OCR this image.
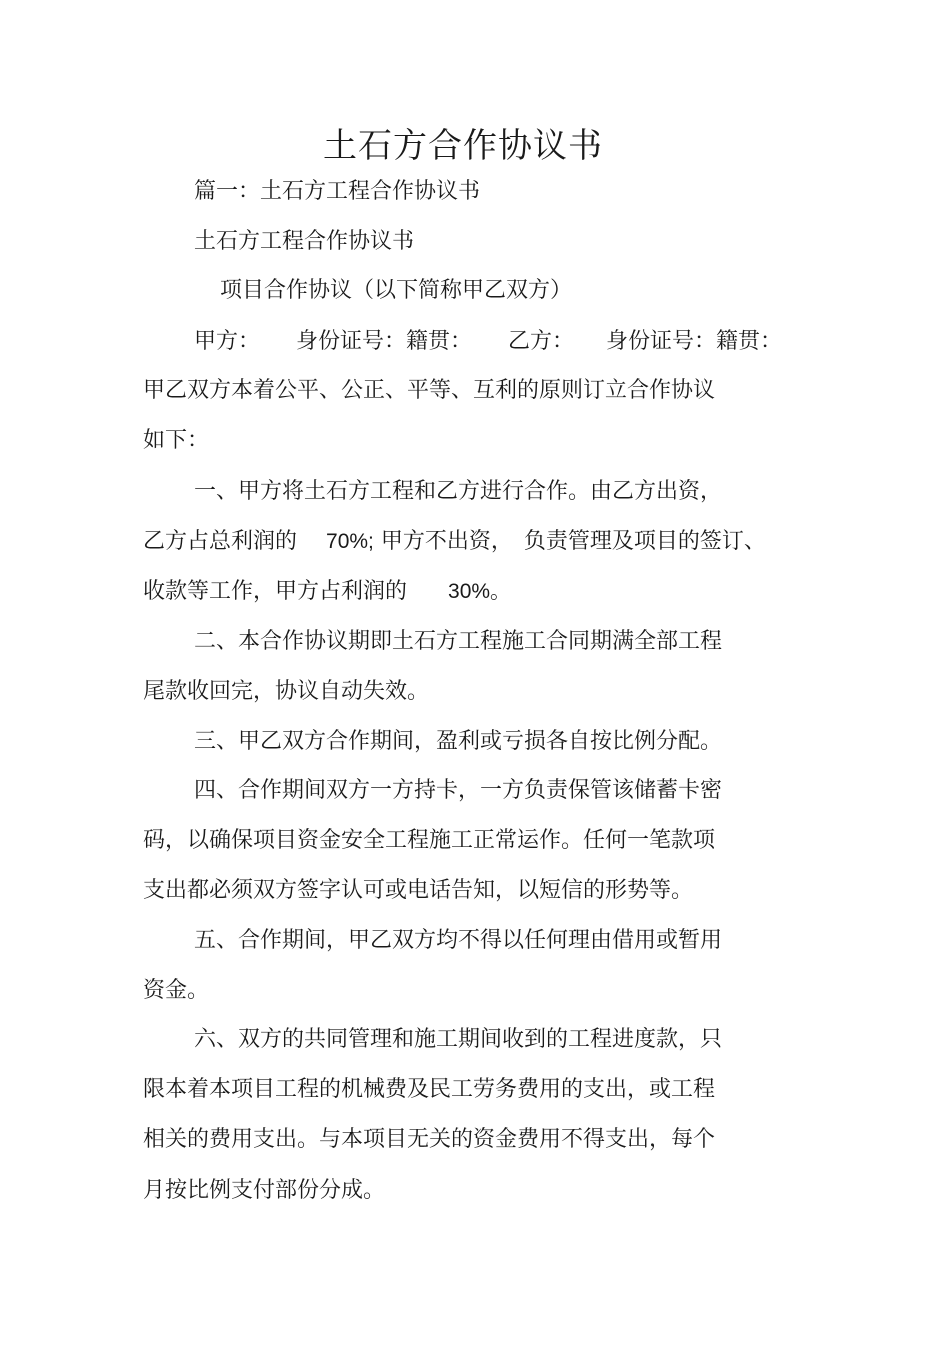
土石方合作协议书
篇一：土石方工程合作协议书
土石方工程合作协议书
项目合作协议（以下简称甲乙双方）
甲方： 身份证号：籍贯： 乙方： 身份证号：籍贯：
甲乙双方本着公平、公正、平等、互利的原则订立合作协议
如下：
一、甲方将土石方工程和乙方进行合作。由乙方出资，
乙方占总利润的 70%; 甲方不出资，　负责管理及项目的签订、
收款等工作，甲方占利润的 30%。
二、本合作协议期即土石方工程施工合同期满全部工程
尾款收回完，协议自动失效。
三、甲乙双方合作期间，盈利或亏损各自按比例分配。
四、合作期间双方一方持卡，一方负责保管该储蓄卡密
码，以确保项目资金安全工程施工正常运作。任何一笔款项
支出都必须双方签字认可或电话告知，以短信的形势等。
五、合作期间，甲乙双方均不得以任何理由借用或暂用
资金。
六、双方的共同管理和施工期间收到的工程进度款，只
限本着本项目工程的机械费及民工劳务费用的支出，或工程
相关的费用支出。与本项目无关的资金费用不得支出，每个
月按比例支付部份分成。
